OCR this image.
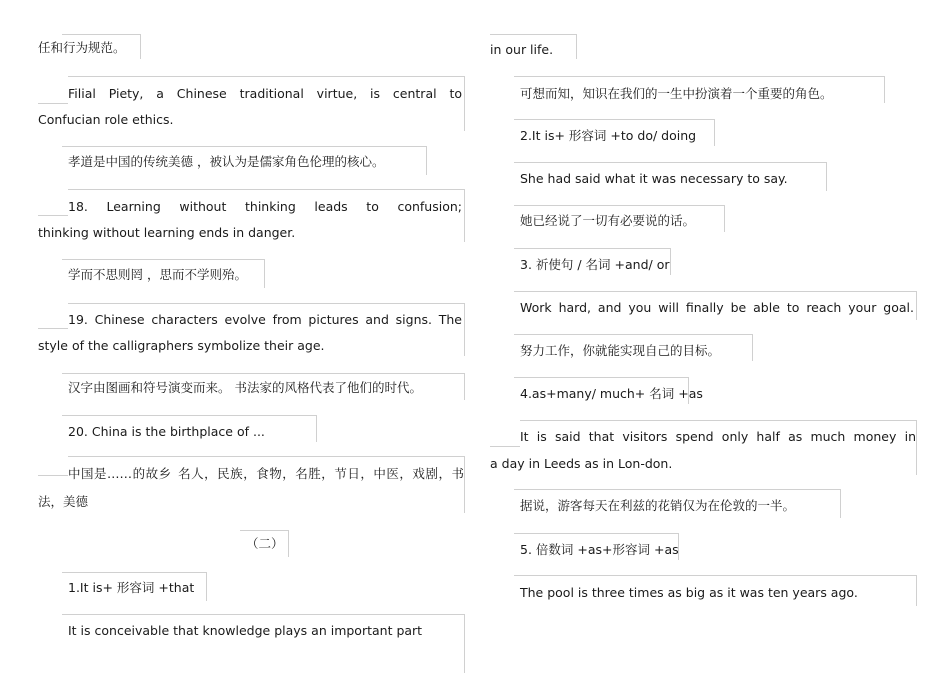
任和行为规范。
Filial Piety, a Chinese traditional virtue, is central to
Confucian role ethics.
孝道是中国的传统美德 ，被认为是儒家角色伦理的核心。
18. Learning without thinking leads to confusion;
thinking without learning ends in danger.
学而不思则罔 ，思而不学则殆。
19. Chinese characters evolve from pictures and signs. The
style of the calligraphers symbolize their age.
汉字由图画和符号演变而来。 书法家的风格代表了他们的时代。
20. China is the birthplace of ...
中国是……的故乡 名人，民族，食物，名胜，节日，中医，戏剧，书
法，美德
（二）
1.It is+ 形容词 +that
It is conceivable that knowledge plays an important part
in our life.
可想而知，知识在我们的一生中扮演着一个重要的角色。
2.It is+ 形容词 +to do/ doing
She had said what it was necessary to say.
她已经说了一切有必要说的话。
3. 祈使句 / 名词 +and/ or
Work hard, and you will finally be able to reach your goal.
努力工作，你就能实现自己的目标。
4.as+many/ much+ 名词 +as
It is said that visitors spend only half as much money in
a day in Leeds as in Lon-don.
据说，游客每天在利兹的花销仅为在伦敦的一半。
5. 倍数词 +as+形容词 +as
The pool is three times as big as it was ten years ago.
